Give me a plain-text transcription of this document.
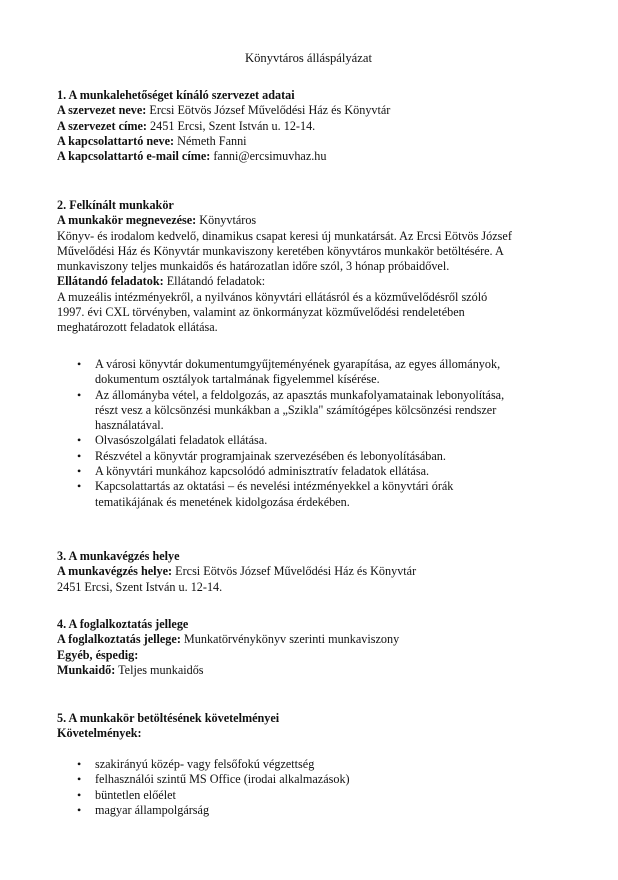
Könyvtáros álláspályázat
1. A munkalehetőséget kínáló szervezet adatai
A szervezet neve: Ercsi Eötvös József Művelődési Ház és Könyvtár
A szervezet címe: 2451 Ercsi, Szent István u. 12-14.
A kapcsolattartó neve: Németh Fanni
A kapcsolattartó e-mail címe: fanni@ercsimuvhaz.hu
2. Felkínált munkakör
A munkakör megnevezése: Könyvtáros
Könyv- és irodalom kedvelő, dinamikus csapat keresi új munkatársát. Az Ercsi Eötvös József
Művelődési Ház és Könyvtár munkaviszony keretében könyvtáros munkakör betöltésére. A
munkaviszony teljes munkaidős és határozatlan időre szól, 3 hónap próbaidővel.
Ellátandó feladatok: Ellátandó feladatok:
A muzeális intézményekről, a nyilvános könyvtári ellátásról és a közművelődésről szóló
1997. évi CXL törvényben, valamint az önkormányzat közművelődési rendeletében
meghatározott feladatok ellátása.
• A városi könyvtár dokumentumgyűjteményének gyarapítása, az egyes állományok,
dokumentum osztályok tartalmának figyelemmel kísérése.
• Az állományba vétel, a feldolgozás, az apasztás munkafolyamatainak lebonyolítása,
részt vesz a kölcsönzési munkákban a „Szikla" számítógépes kölcsönzési rendszer
használatával.
• Olvasószolgálati feladatok ellátása.
• Részvétel a könyvtár programjainak szervezésében és lebonyolításában.
• A könyvtári munkához kapcsolódó adminisztratív feladatok ellátása.
• Kapcsolattartás az oktatási – és nevelési intézményekkel a könyvtári órák
tematikájának és menetének kidolgozása érdekében.
3. A munkavégzés helye
A munkavégzés helye: Ercsi Eötvös József Művelődési Ház és Könyvtár
2451 Ercsi, Szent István u. 12-14.
4. A foglalkoztatás jellege
A foglalkoztatás jellege: Munkatörvénykönyv szerinti munkaviszony
Egyéb, éspedig:
Munkaidő: Teljes munkaidős
5. A munkakör betöltésének követelményei
Követelmények:
• szakirányú közép- vagy felsőfokú végzettség
• felhasználói szintű MS Office (irodai alkalmazások)
• büntetlen előélet
• magyar állampolgárság
